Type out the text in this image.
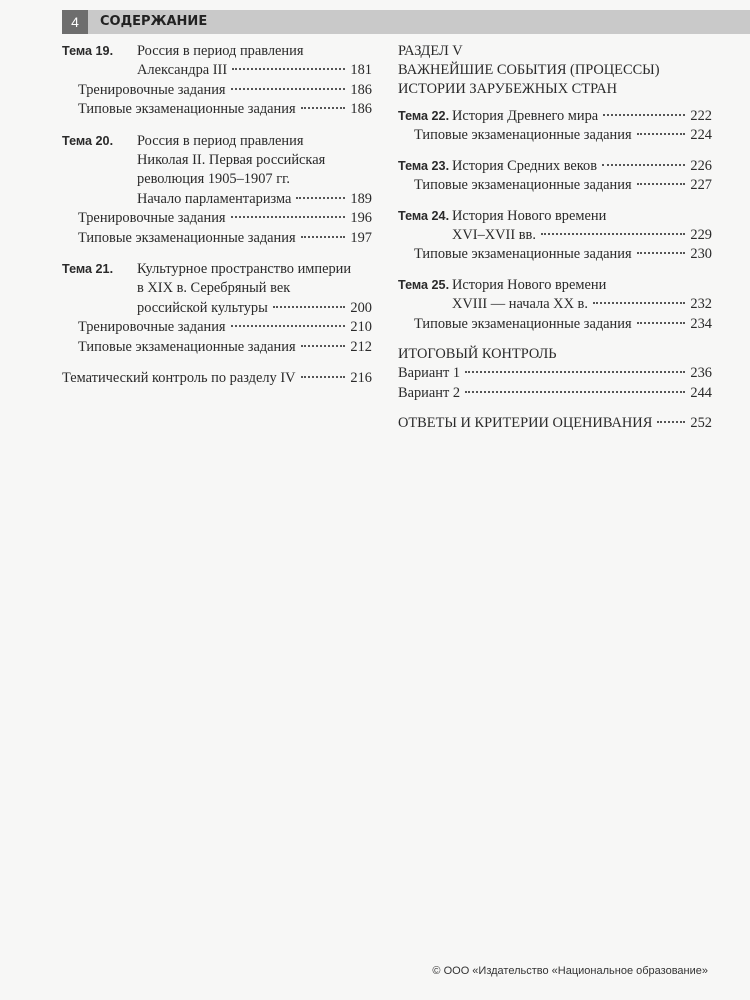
4	СОДЕРЖАНИЕ
Тема 19. Россия в период правления
Александра III	181
Тренировочные задания	186
Типовые экзаменационные задания	186
Тема 20. Россия в период правления
Николая II. Первая российская
революция 1905–1907 гг.
Начало парламентаризма	189
Тренировочные задания	196
Типовые экзаменационные задания	197
Тема 21. Культурное пространство империи
в XIX в. Серебряный век
российской культуры	200
Тренировочные задания	210
Типовые экзаменационные задания	212
Тематический контроль по разделу IV	216
РАЗДЕЛ V
ВАЖНЕЙШИЕ СОБЫТИЯ (ПРОЦЕССЫ)
ИСТОРИИ ЗАРУБЕЖНЫХ СТРАН
Тема 22. История Древнего мира	222
Типовые экзаменационные задания	224
Тема 23. История Средних веков	226
Типовые экзаменационные задания	227
Тема 24. История Нового времени
XVI–XVII вв.	229
Типовые экзаменационные задания	230
Тема 25. История Нового времени
XVIII — начала XX в.	232
Типовые экзаменационные задания	234
ИТОГОВЫЙ КОНТРОЛЬ
Вариант 1	236
Вариант 2	244
ОТВЕТЫ И КРИТЕРИИ ОЦЕНИВАНИЯ	252
© ООО «Издательство «Национальное образование»
